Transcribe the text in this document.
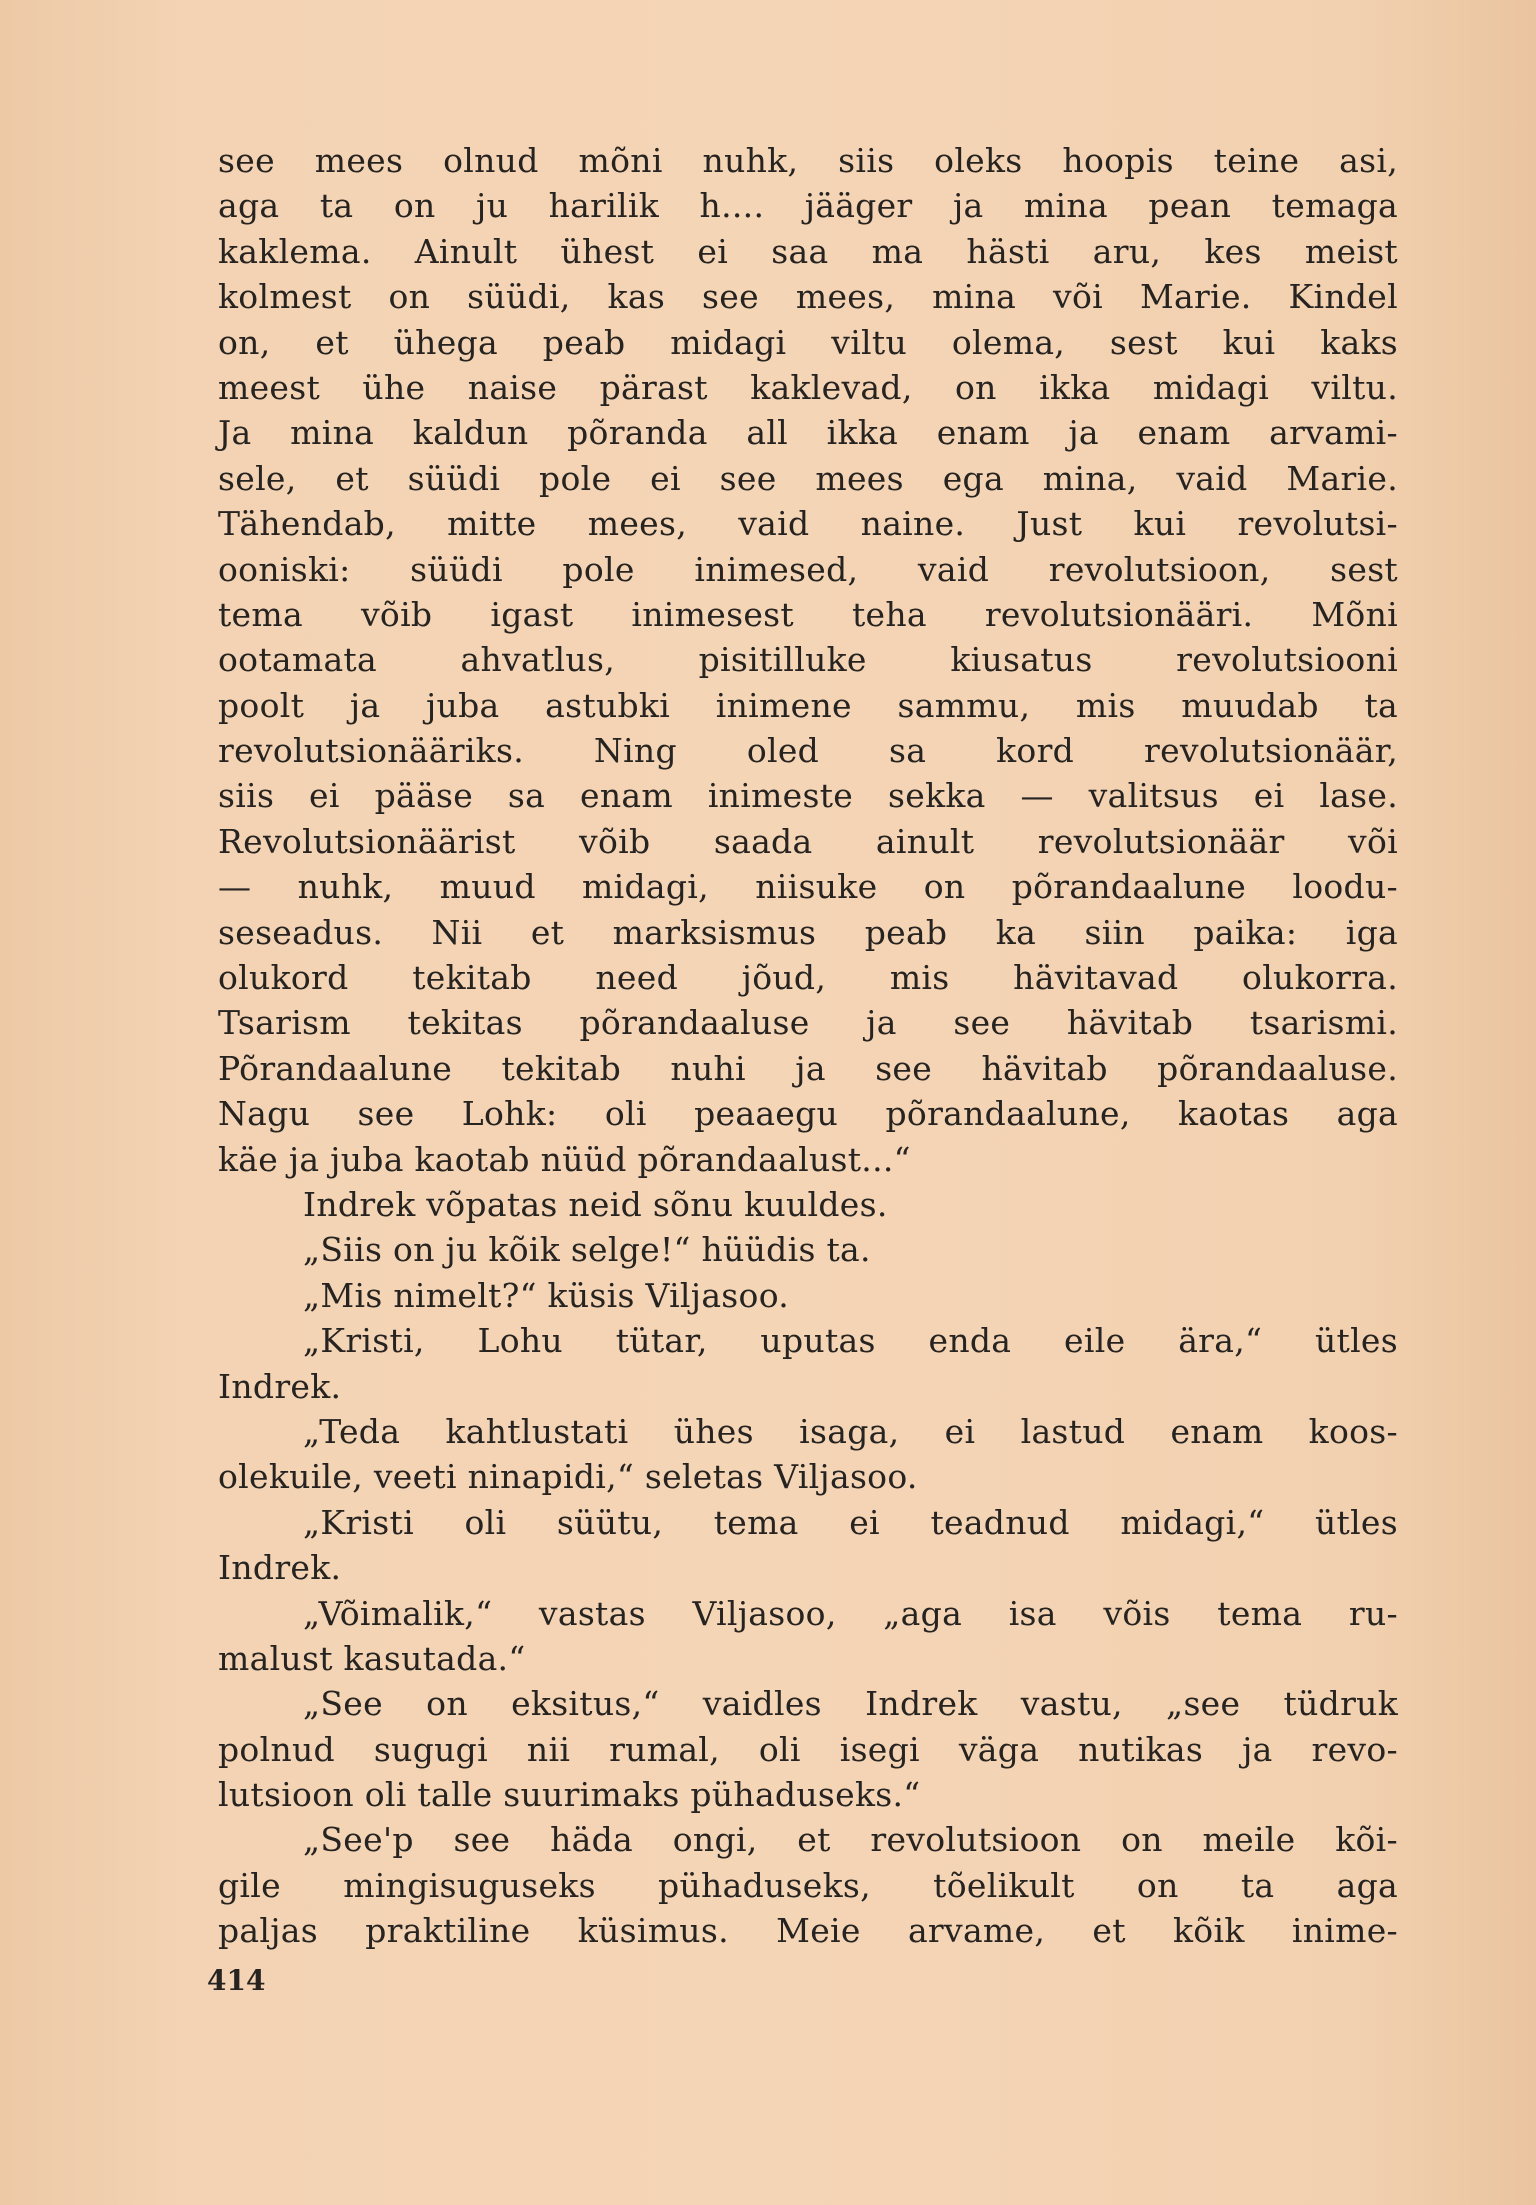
see mees olnud mõni nuhk, siis oleks hoopis teine asi,
aga ta on ju harilik h.... jääger ja mina pean temaga
kaklema. Ainult ühest ei saa ma hästi aru, kes meist
kolmest on süüdi, kas see mees, mina või Marie. Kindel
on, et ühega peab midagi viltu olema, sest kui kaks
meest ühe naise pärast kaklevad, on ikka midagi viltu.
Ja mina kaldun põranda all ikka enam ja enam arvami-
sele, et süüdi pole ei see mees ega mina, vaid Marie.
Tähendab, mitte mees, vaid naine. Just kui revolutsi-
ooniski: süüdi pole inimesed, vaid revolutsioon, sest
tema võib igast inimesest teha revolutsionääri. Mõni
ootamata ahvatlus, pisitilluke kiusatus revolutsiooni
poolt ja juba astubki inimene sammu, mis muudab ta
revolutsionääriks. Ning oled sa kord revolutsionäär,
siis ei pääse sa enam inimeste sekka — valitsus ei lase.
Revolutsionäärist võib saada ainult revolutsionäär või
— nuhk, muud midagi, niisuke on põrandaalune loodu-
seseadus. Nii et marksismus peab ka siin paika: iga
olukord tekitab need jõud, mis hävitavad olukorra.
Tsarism tekitas põrandaaluse ja see hävitab tsarismi.
Põrandaalune tekitab nuhi ja see hävitab põrandaaluse.
Nagu see Lohk: oli peaaegu põrandaalune, kaotas aga
käe ja juba kaotab nüüd põrandaalust...“
Indrek võpatas neid sõnu kuuldes.
„Siis on ju kõik selge!“ hüüdis ta.
„Mis nimelt?“ küsis Viljasoo.
„Kristi, Lohu tütar, uputas enda eile ära,“ ütles
Indrek.
„Teda kahtlustati ühes isaga, ei lastud enam koos-
olekuile, veeti ninapidi,“ seletas Viljasoo.
„Kristi oli süütu, tema ei teadnud midagi,“ ütles
Indrek.
„Võimalik,“ vastas Viljasoo, „aga isa võis tema ru-
malust kasutada.“
„See on eksitus,“ vaidles Indrek vastu, „see tüdruk
polnud sugugi nii rumal, oli isegi väga nutikas ja revo-
lutsioon oli talle suurimaks pühaduseks.“
„See'p see häda ongi, et revolutsioon on meile kõi-
gile mingisuguseks pühaduseks, tõelikult on ta aga
paljas praktiline küsimus. Meie arvame, et kõik inime-
414
